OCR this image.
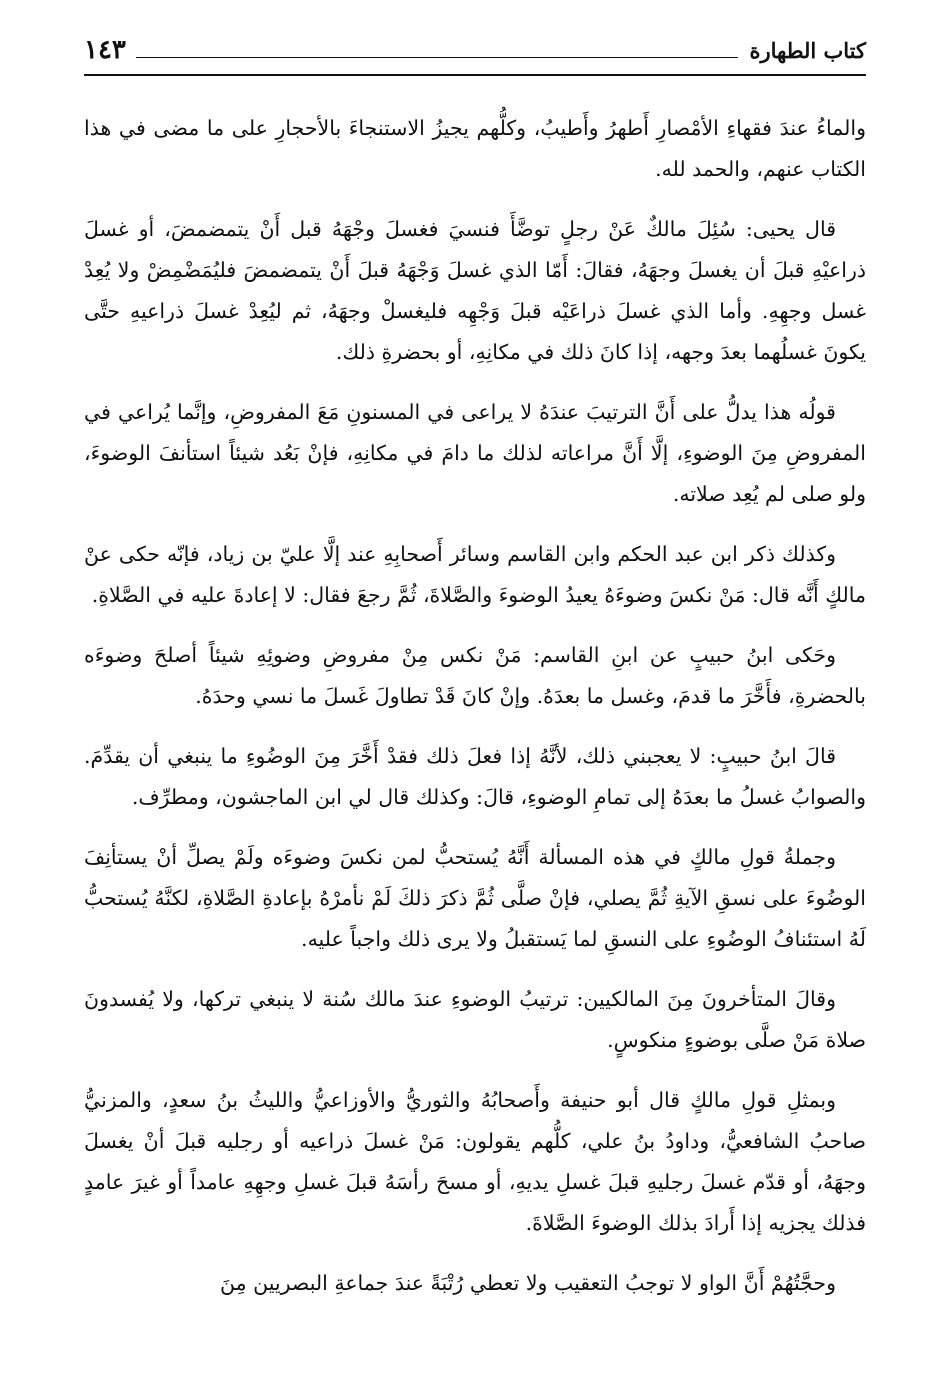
كتاب الطهارة
١٤٣

والماءُ عندَ فقهاءِ الأمْصارِ أَطهرُ وأَطيبُ، وكلُّهم يجيزُ الاستنجاءَ بالأحجارِ على ما مضى في هذا الكتاب عنهم، والحمد لله.

قال يحيى: سُئِلَ مالكٌ عَنْ رجلٍ توضَّأَ فنسيَ فغسلَ وجْهَهُ قبل أَنْ يتمضمضَ، أو غسلَ ذراعيْهِ قبلَ أن يغسلَ وجهَهُ، فقالَ: أَمّا الذي غسلَ وَجْهَهُ قبلَ أَنْ يتمضمضَ فليُمَضْمِضْ ولا يُعِدْ غسل وجهِهِ. وأما الذي غسلَ ذراعَيْه قبلَ وَجْهِه فليغسلْ وجهَهُ، ثم ليُعِدْ غسلَ ذراعيهِ حتَّى يكونَ غسلُهما بعدَ وجهه، إذا كانَ ذلك في مكانِهِ، أو بحضرةِ ذلك.

قولُه هذا يدلُّ على أَنَّ الترتيبَ عندَهُ لا يراعى في المسنونِ مَعَ المفروضِ، وإنَّما يُراعي في المفروضِ مِنَ الوضوءِ، إلَّا أَنَّ مراعاته لذلك ما دامَ في مكانِهِ، فإنْ بَعُد شيئاً استأنفَ الوضوءَ، ولو صلى لم يُعِد صلاته.

وكذلك ذكر ابن عبد الحكم وابن القاسم وسائر أَصحابِهِ عند إلَّا عليّ بن زياد، فإنّه حكى عنْ مالكٍ أَنَّه قال: مَنْ نكسَ وضوءَهُ يعيدُ الوضوءَ والصَّلاةَ، ثُمَّ رجعَ فقال: لا إعادةَ عليه في الصَّلاةِ.

وحَكى ابنُ حبيبٍ عن ابنِ القاسم: مَنْ نكس مِنْ مفروضِ وضوئِهِ شيئاً أصلحَ وضوءَه بالحضرةِ، فأَخَّرَ ما قدمَ، وغسل ما بعدَهُ. وإنْ كانَ قَدْ تطاولَ غَسلَ ما نسي وحدَهُ.

قالَ ابنُ حبيبٍ: لا يعجبني ذلك، لأنَّهُ إذا فعلَ ذلك فقدْ أَخَّرَ مِنَ الوضُوءِ ما ينبغي أن يقدِّمَ. والصوابُ غسلُ ما بعدَهُ إلى تمامِ الوضوءِ، قالَ: وكذلك قال لي ابن الماجشون، ومطرِّف.

وجملةُ قولِ مالكٍ في هذه المسألة أَنَّهُ يُستحبُّ لمن نكسَ وضوءَه ولَمْ يصلِّ أنْ يستأنِفَ الوضُوءَ على نسقِ الآيةِ ثُمَّ يصلي، فإنْ صلَّى ثُمَّ ذكرَ ذلكَ لَمْ نأمرْهُ بإعادةِ الصَّلاةِ، لكنَّهُ يُستحبُّ لَهُ استئنافُ الوضُوءِ على النسقِ لما يَستقبلُ ولا يرى ذلك واجباً عليه.

وقالَ المتأخرونَ مِنَ المالكيين: ترتيبُ الوضوءِ عندَ مالك سُنة لا ينبغي تركها، ولا يُفسدونَ صلاة مَنْ صلَّى بوضوءٍ منكوسٍ.

وبمثلِ قولِ مالكٍ قال أبو حنيفة وأَصحابُهُ والثوريُّ والأوزاعيُّ والليثُ بنُ سعدٍ، والمزنيُّ صاحبُ الشافعيُّ، وداودُ بنُ علي، كلُّهم يقولون: مَنْ غسلَ ذراعيه أو رجليه قبلَ أنْ يغسلَ وجهَهُ، أو قدّم غسلَ رجليهِ قبلَ غسلِ يديهِ، أو مسحَ رأسَهُ قبلَ غسلِ وجهِهِ عامداً أو غيرَ عامدٍ فذلك يجزيه إذا أَرادَ بذلك الوضوءَ الصَّلاةَ.

وحجَّتُهُمْ أَنَّ الواو لا توجبُ التعقيب ولا تعطي رُتْبَةً عندَ جماعةِ البصريين مِنَ
